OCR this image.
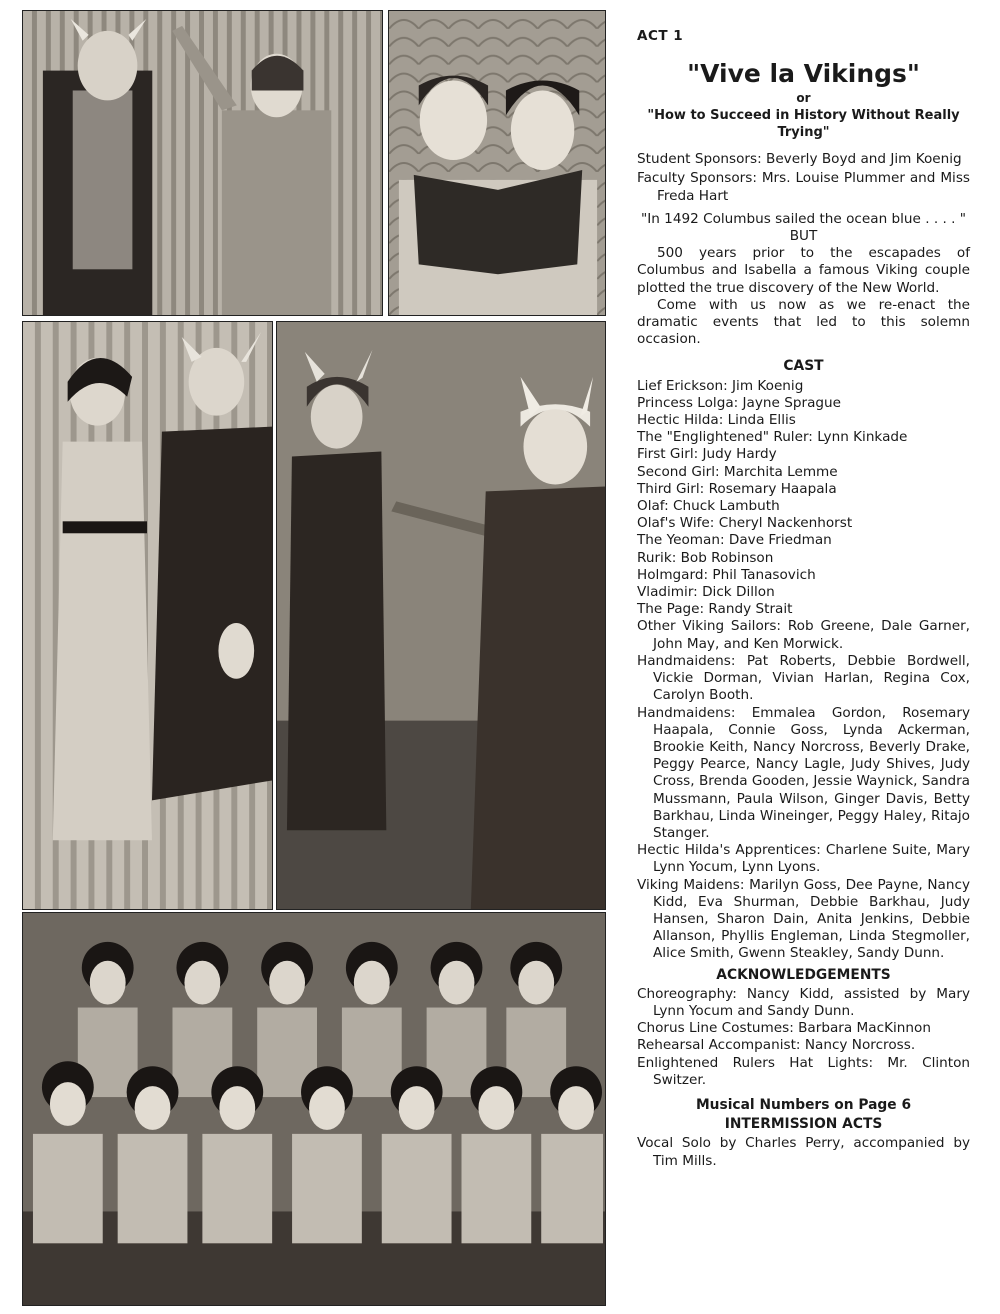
ACT 1

"Vive la Vikings"

or

"How to Succeed in History Without Really Trying"

Student Sponsors: Beverly Boyd and Jim Koenig

Faculty Sponsors: Mrs. Louise Plummer and Miss Freda Hart

"In 1492 Columbus sailed the ocean blue . . . . "

BUT

500 years prior to the escapades of Columbus and Isabella a famous Viking couple plotted the true discovery of the New World.

Come with us now as we re-enact the dramatic events that led to this solemn occasion.

CAST

Lief Erickson: Jim Koenig

Princess Lolga: Jayne Sprague

Hectic Hilda: Linda Ellis

The "Englightened" Ruler: Lynn Kinkade

First Girl: Judy Hardy

Second Girl: Marchita Lemme

Third Girl: Rosemary Haapala

Olaf: Chuck Lambuth

Olaf's Wife: Cheryl Nackenhorst

The Yeoman: Dave Friedman

Rurik: Bob Robinson

Holmgard: Phil Tanasovich

Vladimir: Dick Dillon

The Page: Randy Strait

Other Viking Sailors: Rob Greene, Dale Garner, John May, and Ken Morwick.

Handmaidens: Pat Roberts, Debbie Bordwell, Vickie Dorman, Vivian Harlan, Regina Cox, Carolyn Booth.

Handmaidens: Emmalea Gordon, Rosemary Haapala, Connie Goss, Lynda Ackerman, Brookie Keith, Nancy Norcross, Beverly Drake, Peggy Pearce, Nancy Lagle, Judy Shives, Judy Cross, Brenda Gooden, Jessie Waynick, Sandra Mussmann, Paula Wilson, Ginger Davis, Betty Barkhau, Linda Wineinger, Peggy Haley, Ritajo Stanger.

Hectic Hilda's Apprentices: Charlene Suite, Mary Lynn Yocum, Lynn Lyons.

Viking Maidens: Marilyn Goss, Dee Payne, Nancy Kidd, Eva Shurman, Debbie Barkhau, Judy Hansen, Sharon Dain, Anita Jenkins, Debbie Allanson, Phyllis Engleman, Linda Stegmoller, Alice Smith, Gwenn Steakley, Sandy Dunn.

ACKNOWLEDGEMENTS

Choreography: Nancy Kidd, assisted by Mary Lynn Yocum and Sandy Dunn.

Chorus Line Costumes: Barbara MacKinnon

Rehearsal Accompanist: Nancy Norcross.

Enlightened Rulers Hat Lights: Mr. Clinton Switzer.

Musical Numbers on Page 6

INTERMISSION ACTS

Vocal Solo by Charles Perry, accompanied by Tim Mills.
